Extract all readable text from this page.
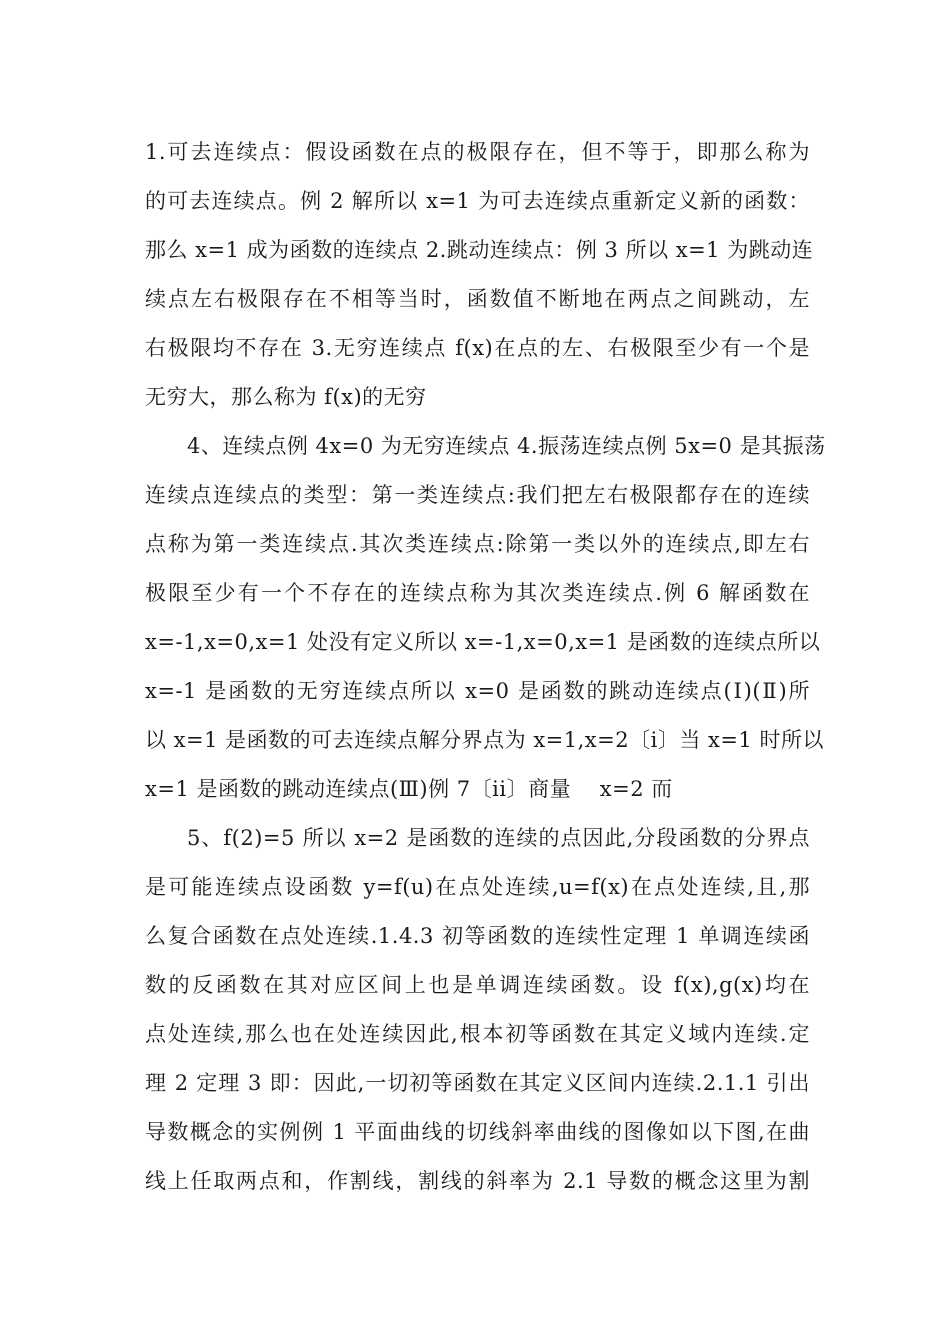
1.可去连续点：假设函数在点的极限存在，但不等于，即那么称为
的可去连续点。例 2 解所以 x=1 为可去连续点重新定义新的函数：
那么 x=1 成为函数的连续点 2.跳动连续点：例 3 所以 x=1 为跳动连
续点左右极限存在不相等当时，函数值不断地在两点之间跳动，左
右极限均不存在 3.无穷连续点 f(x)在点的左、右极限至少有一个是
无穷大，那么称为 f(x)的无穷
4、连续点例 4x=0 为无穷连续点 4.振荡连续点例 5x=0 是其振荡
连续点连续点的类型：第一类连续点:我们把左右极限都存在的连续
点称为第一类连续点.其次类连续点:除第一类以外的连续点,即左右
极限至少有一个不存在的连续点称为其次类连续点.例 6 解函数在
x=-1,x=0,x=1 处没有定义所以 x=-1,x=0,x=1 是函数的连续点所以
x=-1 是函数的无穷连续点所以 x=0 是函数的跳动连续点(Ⅰ)(Ⅱ)所
以 x=1 是函数的可去连续点解分界点为 x=1,x=2〔i〕当 x=1 时所以
x=1 是函数的跳动连续点(Ⅲ)例 7〔ii〕商量    x=2 而
5、f(2)=5 所以 x=2 是函数的连续的点因此,分段函数的分界点
是可能连续点设函数 y=f(u)在点处连续,u=f(x)在点处连续,且,那
么复合函数在点处连续.1.4.3 初等函数的连续性定理 1 单调连续函
数的反函数在其对应区间上也是单调连续函数。设 f(x),g(x)均在
点处连续,那么也在处连续因此,根本初等函数在其定义域内连续.定
理 2 定理 3 即：因此,一切初等函数在其定义区间内连续.2.1.1 引出
导数概念的实例例 1 平面曲线的切线斜率曲线的图像如以下图,在曲
线上任取两点和，作割线，割线的斜率为 2.1 导数的概念这里为割
